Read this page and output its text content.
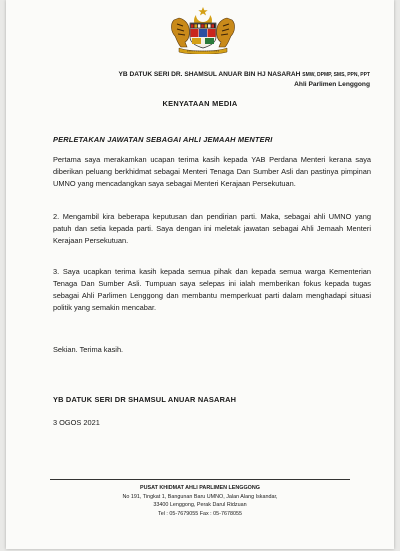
YB DATUK SERI DR. SHAMSUL ANUAR BIN HJ NASARAH SMW, DPMP, SMS, PPN, PPT
Ahli Parlimen Lenggong
KENYATAAN MEDIA
PERLETAKAN JAWATAN SEBAGAI AHLI JEMAAH MENTERI

Pertama saya merakamkan ucapan terima kasih kepada YAB Perdana Menteri kerana saya diberikan peluang berkhidmat sebagai Menteri Tenaga Dan Sumber Asli dan pastinya pimpinan UMNO yang mencadangkan saya sebagai Menteri Kerajaan Persekutuan.

2. Mengambil kira beberapa keputusan dan pendirian parti. Maka, sebagai ahli UMNO yang patuh dan setia kepada parti. Saya dengan ini meletak jawatan sebagai Ahli Jemaah Menteri Kerajaan Persekutuan.

3. Saya ucapkan terima kasih kepada semua pihak dan kepada semua warga Kementerian Tenaga Dan Sumber Asli. Tumpuan saya selepas ini ialah memberikan fokus kepada tugas sebagai Ahli Parlimen Lenggong dan membantu memperkuat parti dalam menghadapi situasi politik yang semakin mencabar.

Sekian. Terima kasih.

YB DATUK SERI DR SHAMSUL ANUAR NASARAH
3 OGOS 2021
PUSAT KHIDMAT AHLI PARLIMEN LENGGONG
No 191, Tingkat 1, Bangunan Baru UMNO, Jalan Alang Iskandar,
33400 Lenggong, Perak Darul Ridzuan
Tel : 05-7679055 Fax : 05-7678055
